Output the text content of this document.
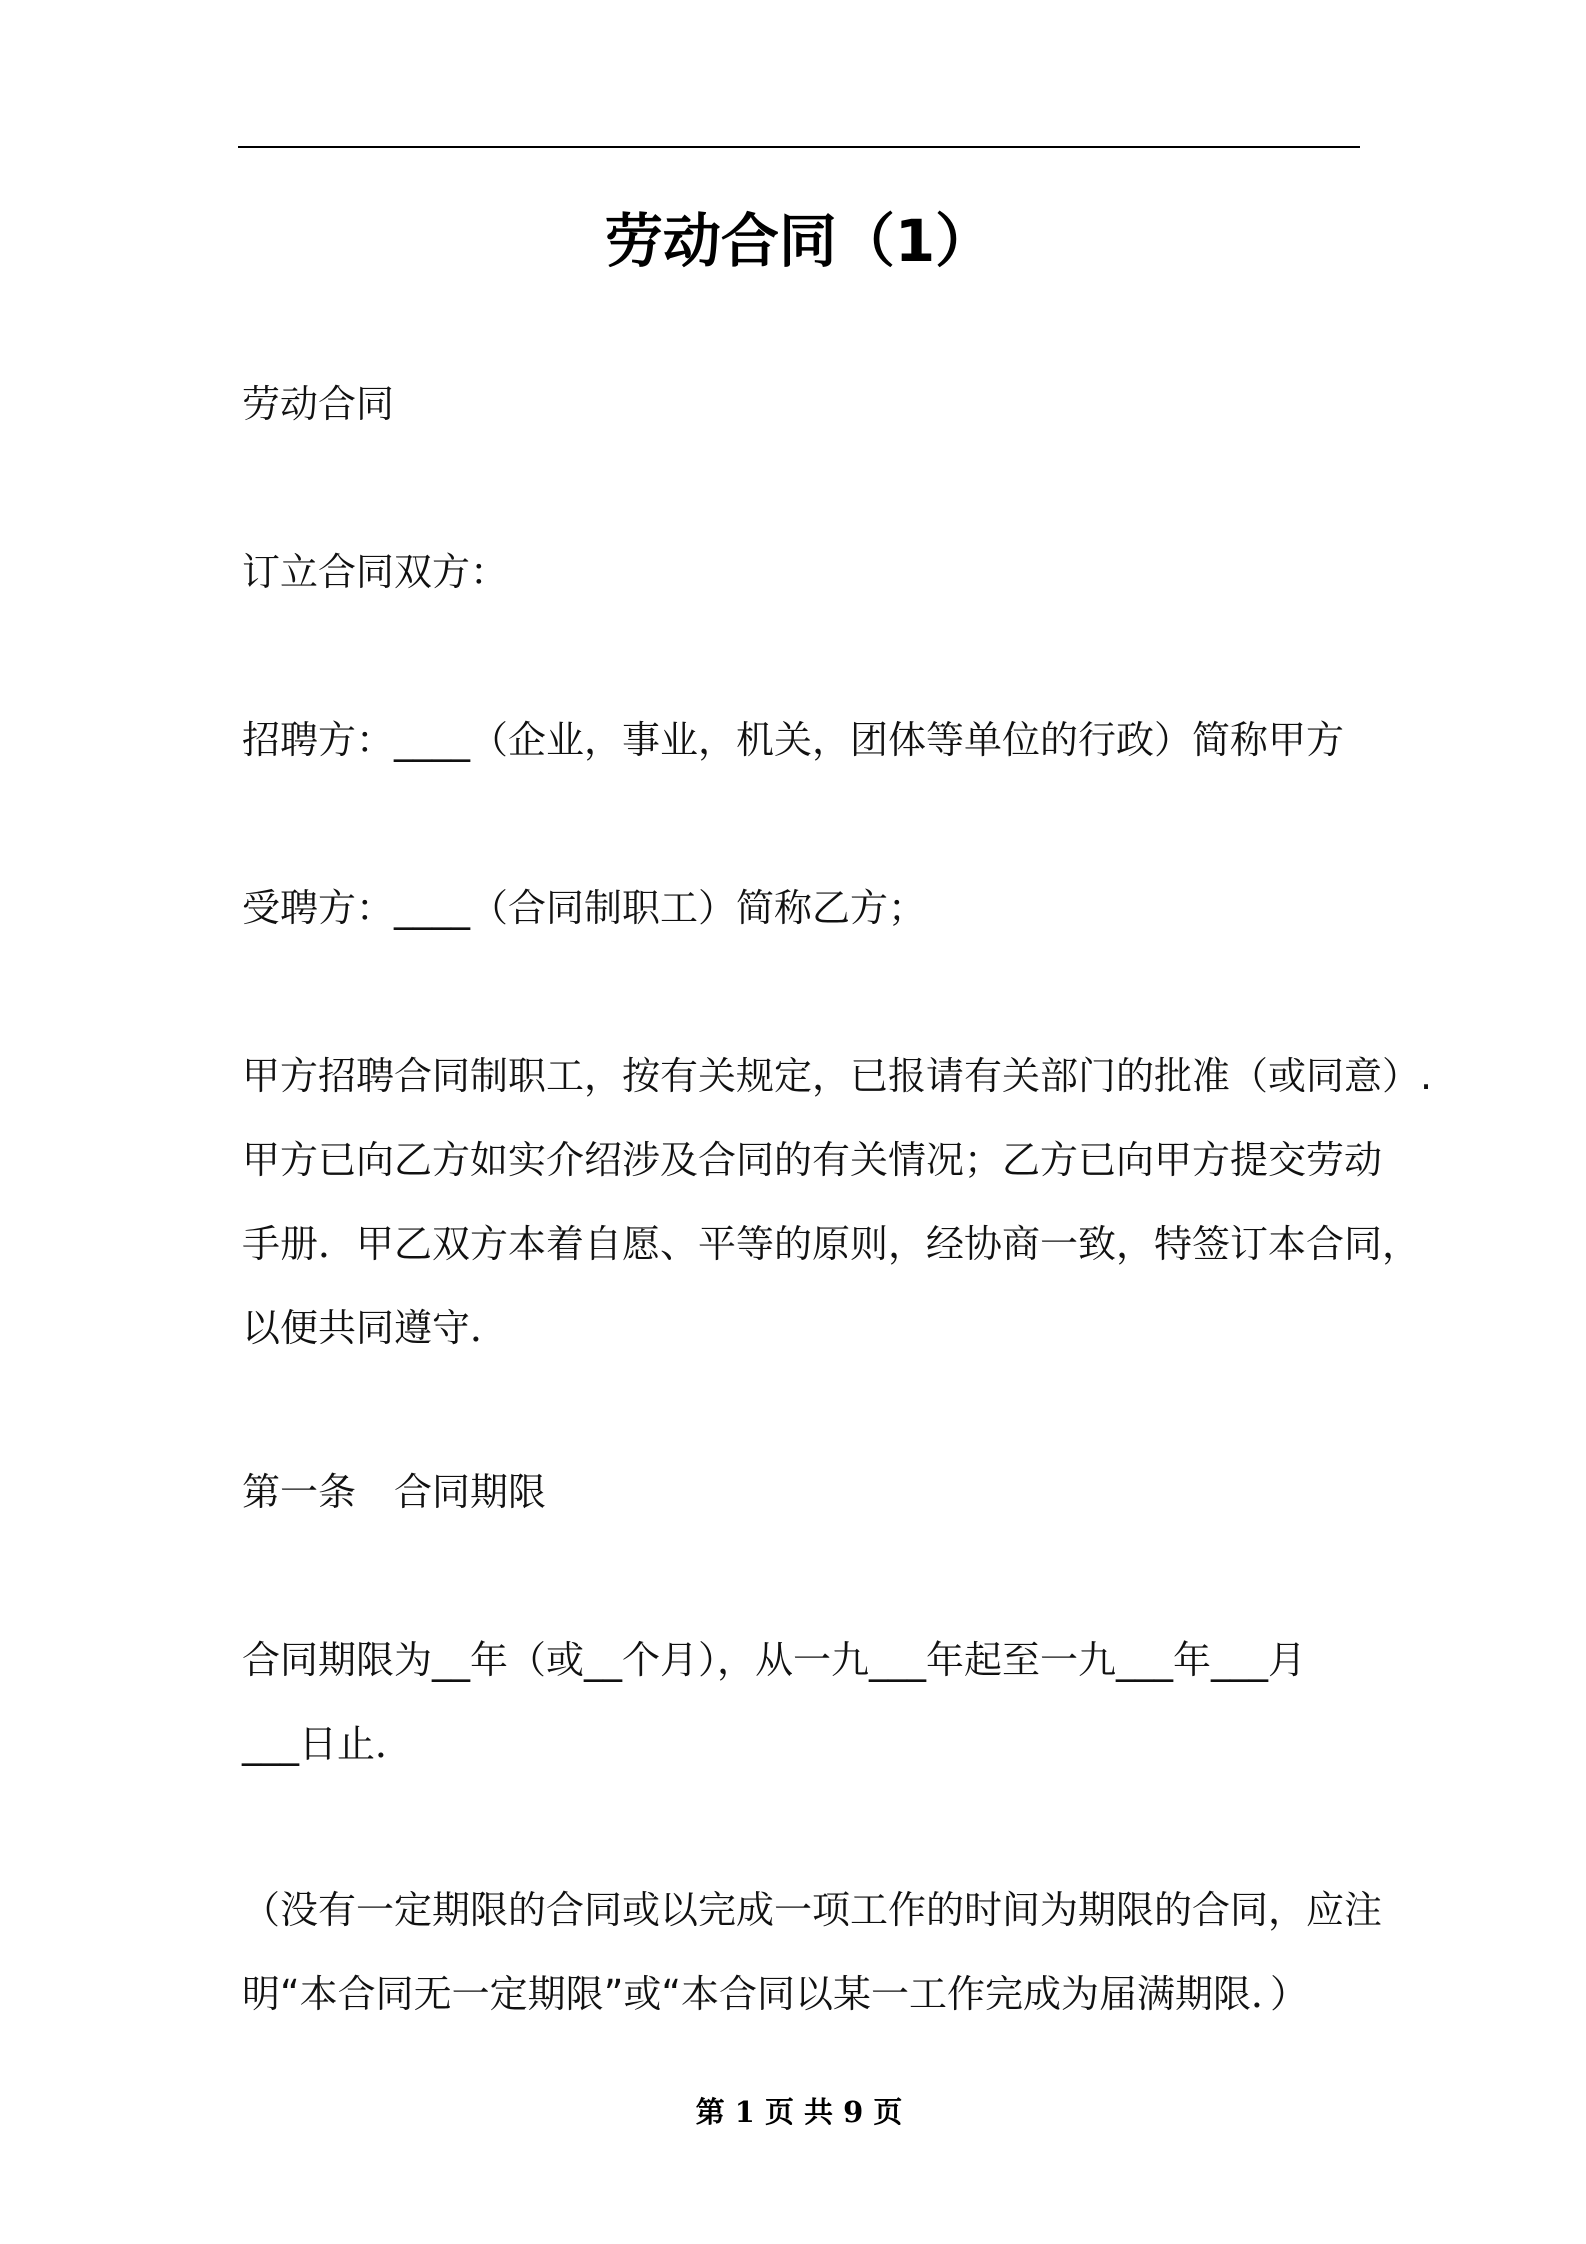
劳动合同（1）

劳动合同

订立合同双方：

招聘方：____（企业，事业，机关，团体等单位的行政）简称甲方

受聘方：____（合同制职工）简称乙方；

甲方招聘合同制职工，按有关规定，已报请有关部门的批准（或同意）.
甲方已向乙方如实介绍涉及合同的有关情况；乙方已向甲方提交劳动
手册．甲乙双方本着自愿、平等的原则，经协商一致，特签订本合同，
以便共同遵守．

第一条　合同期限

合同期限为__年（或__个月），从一九___年起至一九___年___月
___日止．

（没有一定期限的合同或以完成一项工作的时间为期限的合同，应注
明“本合同无一定期限”或“本合同以某一工作完成为届满期限．）

第 1 页 共 9 页
